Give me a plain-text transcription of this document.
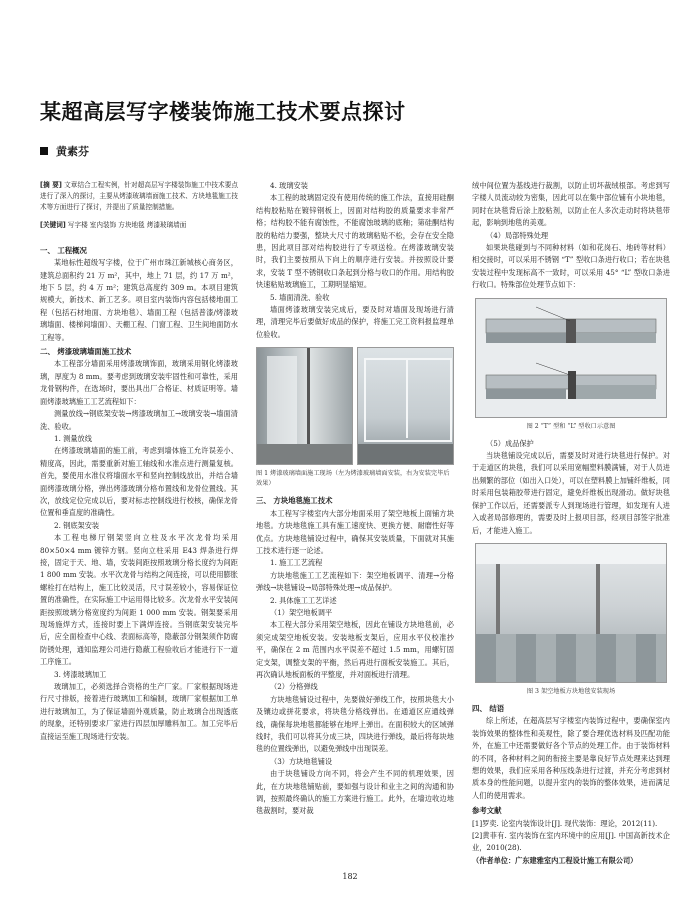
某超高层写字楼装饰施工技术要点探讨
黄素芬

[摘 要] 文章结合工程实例，针对超高层写字楼装饰施工中技术要点进行了深入的探讨，主要从烤漆玻璃墙面施工技术、方块地毯施工技术等方面进行了探讨，并提出了质量控制措施。

[关键词] 写字楼 室内装饰 方块地毯 烤漆玻璃墙面

一、 工程概况

某地标性超级写字楼，位于广州市珠江新城核心商务区，建筑总面积约 21 万 m²，其中，地上 71 层，约 17 万 m²，地下 5 层，约 4 万 m²；建筑总高度约 309 m。本项目建筑规模大，新技术、新工艺多。项目室内装饰内容包括楼地面工程（包括石材地面、方块地毯）、墙面工程（包括普漆/烤漆玻璃墙面、楼梯间墙面）、天棚工程、门窗工程、卫生间地面防水工程等。

二、 烤漆玻璃墙面施工技术

本工程部分墙面采用烤漆玻璃饰面，玻璃采用钢化烤漆玻璃，厚度为 8 mm。要考虑到玻璃安装牢固性和可靠性，采用龙骨钢构件，在选场时，要出具出厂合格证、材质证明等。墙面烤漆玻璃施工工艺流程如下：

测量放线→钢底架安装→烤漆玻璃加工→玻璃安装→墙面清洗、验收。

1. 测量放线

在烤漆玻璃墙面的施工前，考虑到墙体施工允许误差小、精度高，因此，需要重新对施工轴线和水准点进行测量复核。首先，要使用水准仪将墙面水平和竖向控制线放出，并结合墙面烤漆玻璃分格，弹出烤漆玻璃分格布置线和龙骨位置线。其次，放线定位完成以后，要对标志控制线进行校核，确保龙骨位置和垂直度的准确性。

2. 钢底架安装

本工程电梯厅钢架竖向立柱及水平次龙骨均采用 80×50×4 mm 镀锌方钢。竖向立柱采用 E43 焊条进行焊接，固定于天、地、墙，安装间距按照玻璃分格长度约为间距 1 800 mm 安装。水平次龙骨与结构之间连接，可以使用膨胀螺栓打在结构上，施工比较灵活，尺寸误差较小，容易保证位置的准确性，在实际施工中运用得比较多。次龙骨水平安装间距按照玻璃分格宽度约为间距 1 000 mm 安装。钢架要采用现场施焊方式，连接时要上下满焊连接。当钢底架安装完毕后，应全面检查中心线、表面标高等，隐蔽部分钢架须作防腐防锈处理，通知监理公司进行隐蔽工程验收后才能进行下一道工序施工。

3. 烤漆玻璃加工

玻璃加工，必须选择合资格的生产厂家。厂家根据现场进行尺寸排版，接着进行玻璃加工和编制，玻璃厂家根据加工单进行玻璃加工，为了保证墙面外观质量，防止玻璃合出现透底的现象，还特别要求厂家进行四层加厚雕料加工。加工完毕后直接运至施工现场进行安装。

4. 玻璃安装

本工程的玻璃固定没有使用传统的施工作法，直接用硅酮结构胶粘贴在镀锌钢板上，因面对结构胶的质量要求非常严格；结构胶不能有腐蚀性，不能腐蚀玻璃的底釉；第硅酮结构胶的粘结力要强，整块大尺寸的玻璃粘贴不松，会存在安全隐患，因此项目部对结构胶进行了专项送检。在烤漆玻璃安装时，我们主要按照从下向上的顺序进行安装。并按照设计要求，安装 T 型不锈钢收口条起到分格与收口的作用。用结构胶快速粘贴玻璃施工，工期明显缩短。

5. 墙面清洗、验收

墙面烤漆玻璃安装完成后，要及时对墙面及现场进行清理，清理完毕后要做好成品的保护，将施工完工资料报监理单位验收。

图 1 烤漆玻璃墙面施工现场（左为烤漆玻璃墙面安装，右为安装完毕后效果）

三、 方块地毯施工技术

本工程写字楼室内大部分地面采用了架空地板上面铺方块地毯。方块地毯施工具有施工速度快、更换方便、耐磨性好等优点。方块地毯铺设过程中，确保其安装质量，下面就对其施工技术进行逐一论述。

1. 施工工艺流程

方块地毯施工工艺流程如下：架空地板调平、清理→分格弹线→块毯铺设→局部特殊处理→成品保护。

2. 具体施工工艺详述

（1）架空地板调平

本工程大部分采用架空地板，因此在铺设方块地毯前，必须完成架空地板安装。安装地板支架后，应用水平仪校准抄平，确保在 2 m 范围内水平误差不超过 1.5 mm，用螺钉固定支架，调整支架的平衡，然后再进行面板安装施工。其后，再次确认地板面板的平整度，并对面板进行清理。

（2）分格弹线

方块地毯铺设过程中，先要做好弹线工作，按照块毯大小及镶边或拼花要求，将块毯分格线弹出。在通道区应通线弹线，确保每块地毯都能够在地坪上弹出。在面积较大的区域弹线时，我们可以将其分成三块，四块进行弹线，最后将每块地毯的位置线弹出，以避免弹线中出现误差。

（3）方块地毯铺设

由于块毯铺设方向不同，将会产生不同的机理效果，因此，在方块地毯铺贴前，要如强与设计和业主之间的沟通和协调，按照最终确认的施工方案进行施工。此外，在墙边收边地毯裁割时，要对裁

绒中间位置为基线进行裁割，以防止切坏裁绒根部。考虑到写字楼人员流动较为密集，因此可以在集中部位铺有小块地毯，同时在块毯背后涂上胶粘剂，以防止在人多次走动时将块毯带起，影响到地毯的美观。

（4）局部特殊处理

如果块毯碰到与不同种材料（如和花岗石、地砖等材料）相交接时，可以采用不锈钢 “T” 型收口条进行收口；若在块毯安装过程中发现标高不一致时，可以采用 45° “L” 型收口条进行收口。特殊部位处理节点如下：

图 2 “T” 型和 “L” 型收口示意图

（5）成品保护

当块毯铺设完成以后，需要及时对进行块毯进行保护。对于走道区的块毯，我们可以采用宽幅塑料膜满铺，对于人员进出频繁的部位（如出入口处），可以在塑料膜上加铺纤维板，同时采用包装箱胶带进行固定，避免纤维板出现滑动。做好块毯保护工作以后，还需要派专人到现场进行管理，如发现有人进入或者局部修理的，需要及时上报项目部，经项目部签字批准后，才能进入施工。

图 3 架空地板方块地毯安装现场

四、 结语

综上所述，在超高层写字楼室内装饰过程中，要确保室内装饰效果的整体性和美观性，除了要合理优选材料及匹配功能外，在施工中还需要做好各个节点的处理工作。由于装饰材料的不同，各种材料之间的衔接主要是靠良好节点处理来达到理想的效果，我们应采用各种压线条进行过渡，并充分考虑到材质本身的性能问题，以提升室内的装饰的整体效果，进而满足人们的使用需求。

参考文献

[1]罗奕. 论室内装饰设计[J]. 现代装饰：理论，2012(11).

[2]黄菲有. 室内装饰在室内环境中的应用[J]. 中国高新技术企业，2010(28).

（作者单位：广东建雅室内工程设计施工有限公司）

182
